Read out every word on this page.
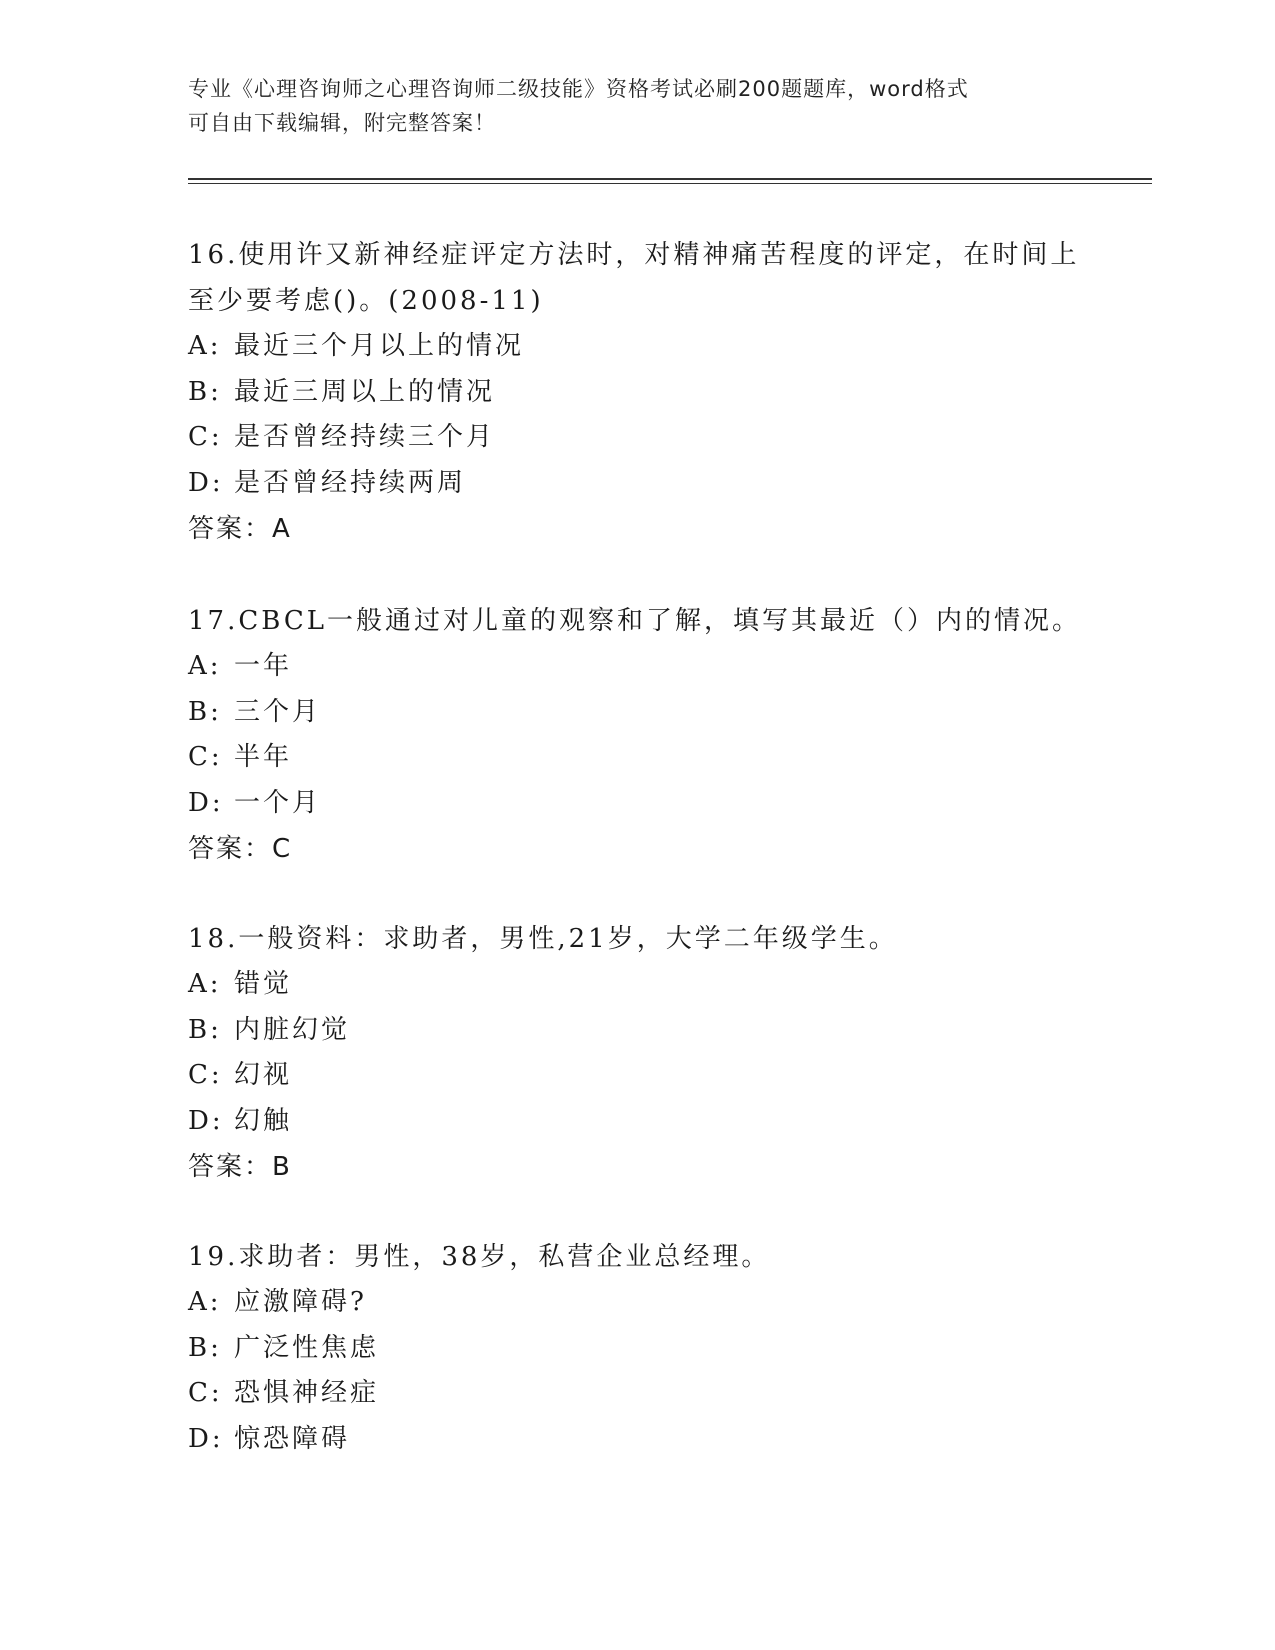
专业《心理咨询师之心理咨询师二级技能》资格考试必刷200题题库，word格式
可自由下载编辑，附完整答案！

16.使用许又新神经症评定方法时，对精神痛苦程度的评定，在时间上
至少要考虑()。(2008-11)

A: 最近三个月以上的情况

B: 最近三周以上的情况

C: 是否曾经持续三个月

D: 是否曾经持续两周

答案：A

17.CBCL一般通过对儿童的观察和了解，填写其最近（）内的情况。

A: 一年

B: 三个月

C: 半年

D: 一个月

答案：C

18.一般资料：求助者，男性,21岁，大学二年级学生。

A: 错觉

B: 内脏幻觉

C: 幻视

D: 幻触

答案：B

19.求助者：男性，38岁，私营企业总经理。

A: 应激障碍?

B: 广泛性焦虑

C: 恐惧神经症

D: 惊恐障碍
